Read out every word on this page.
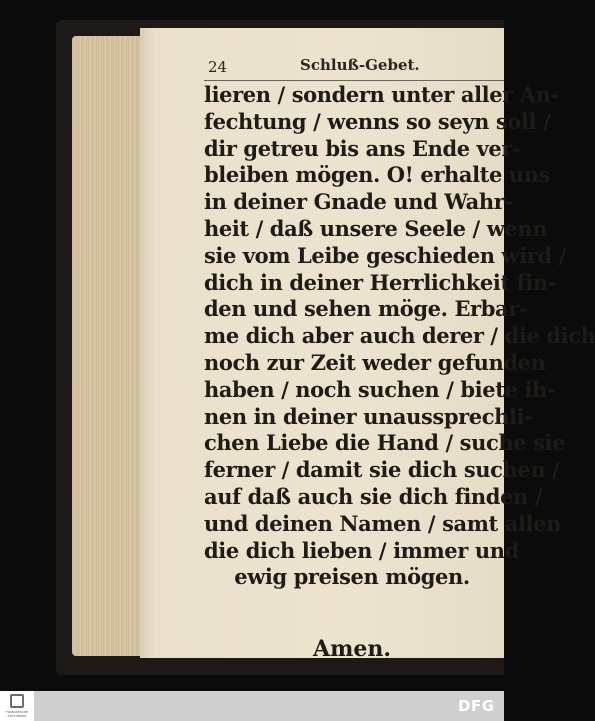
24	Schluß-Gebet.
lieren / sondern unter aller An-
fechtung / wenns so seyn soll /
dir getreu bis ans Ende ver-
bleiben mögen. O! erhalte uns
in deiner Gnade und Wahr-
heit / daß unsere Seele / wenn
sie vom Leibe geschieden wird /
dich in deiner Herrlichkeit fin-
den und sehen möge. Erbar-
me dich aber auch derer / die dich
noch zur Zeit weder gefunden
haben / noch suchen / biete ih-
nen in deiner unaussprechli-
chen Liebe die Hand / suche sie
ferner / damit sie dich suchen /
auf daß auch sie dich finden /
und deinen Namen / samt allen
die dich lieben / immer und
ewig preisen mögen.
Amen.
FRANCKESCHE STIFTUNGEN
DFG
